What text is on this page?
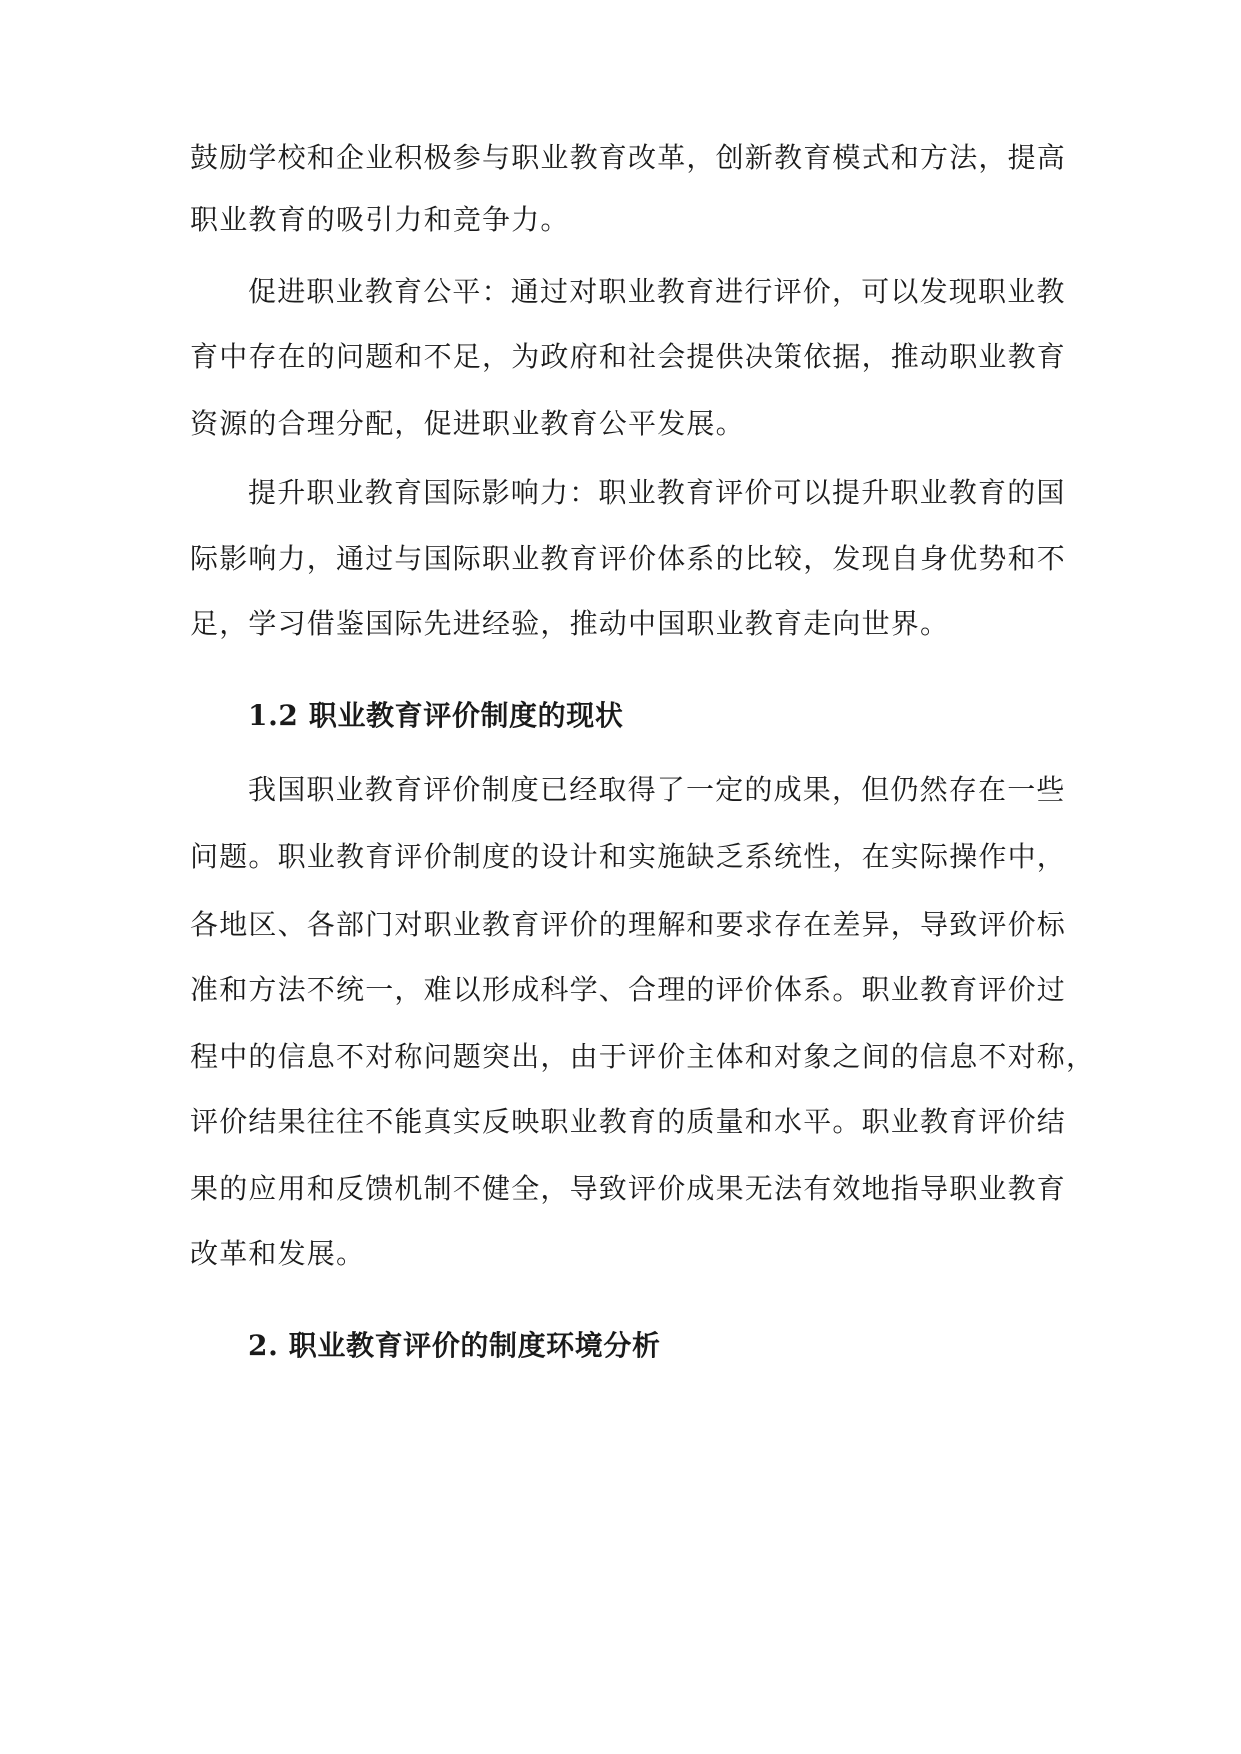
鼓励学校和企业积极参与职业教育改革，创新教育模式和方法，提高
职业教育的吸引力和竞争力。
促进职业教育公平：通过对职业教育进行评价，可以发现职业教
育中存在的问题和不足，为政府和社会提供决策依据，推动职业教育
资源的合理分配，促进职业教育公平发展。
提升职业教育国际影响力：职业教育评价可以提升职业教育的国
际影响力，通过与国际职业教育评价体系的比较，发现自身优势和不
足，学习借鉴国际先进经验，推动中国职业教育走向世界。
1.2 职业教育评价制度的现状
我国职业教育评价制度已经取得了一定的成果，但仍然存在一些
问题。职业教育评价制度的设计和实施缺乏系统性，在实际操作中，
各地区、各部门对职业教育评价的理解和要求存在差异，导致评价标
准和方法不统一，难以形成科学、合理的评价体系。职业教育评价过
程中的信息不对称问题突出，由于评价主体和对象之间的信息不对称，
评价结果往往不能真实反映职业教育的质量和水平。职业教育评价结
果的应用和反馈机制不健全，导致评价成果无法有效地指导职业教育
改革和发展。
2. 职业教育评价的制度环境分析
